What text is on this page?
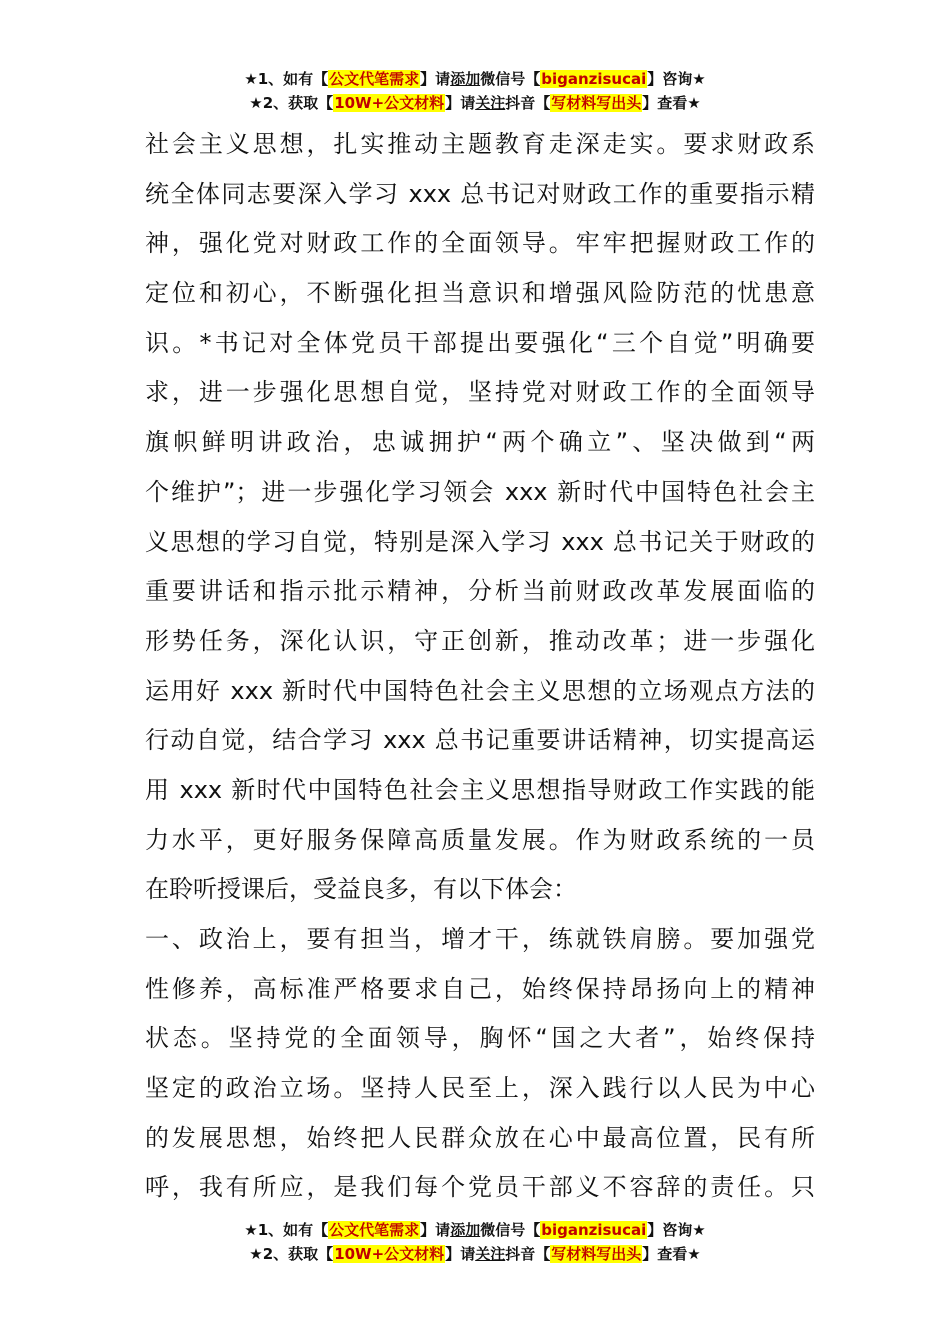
★1、如有【公文代笔需求】请添加微信号【biganzisucai】咨询★
★2、获取【10W+公文材料】请关注抖音【写材料写出头】查看★
社会主义思想，扎实推动主题教育走深走实。要求财政系
统全体同志要深入学习 xxx 总书记对财政工作的重要指示精
神，强化党对财政工作的全面领导。牢牢把握财政工作的
定位和初心，不断强化担当意识和增强风险防范的忧患意
识。*书记对全体党员干部提出要强化“三个自觉”明确要
求，进一步强化思想自觉，坚持党对财政工作的全面领导
旗帜鲜明讲政治，忠诚拥护“两个确立”、坚决做到“两
个维护”；进一步强化学习领会 xxx 新时代中国特色社会主
义思想的学习自觉，特别是深入学习 xxx 总书记关于财政的
重要讲话和指示批示精神，分析当前财政改革发展面临的
形势任务，深化认识，守正创新，推动改革；进一步强化
运用好 xxx 新时代中国特色社会主义思想的立场观点方法的
行动自觉，结合学习 xxx 总书记重要讲话精神，切实提高运
用 xxx 新时代中国特色社会主义思想指导财政工作实践的能
力水平，更好服务保障高质量发展。作为财政系统的一员
在聆听授课后，受益良多，有以下体会：
一、政治上，要有担当，增才干，练就铁肩膀。要加强党
性修养，高标准严格要求自己，始终保持昂扬向上的精神
状态。坚持党的全面领导，胸怀“国之大者”，始终保持
坚定的政治立场。坚持人民至上，深入践行以人民为中心
的发展思想，始终把人民群众放在心中最高位置，民有所
呼，我有所应，是我们每个党员干部义不容辞的责任。只
★1、如有【公文代笔需求】请添加微信号【biganzisucai】咨询★
★2、获取【10W+公文材料】请关注抖音【写材料写出头】查看★
